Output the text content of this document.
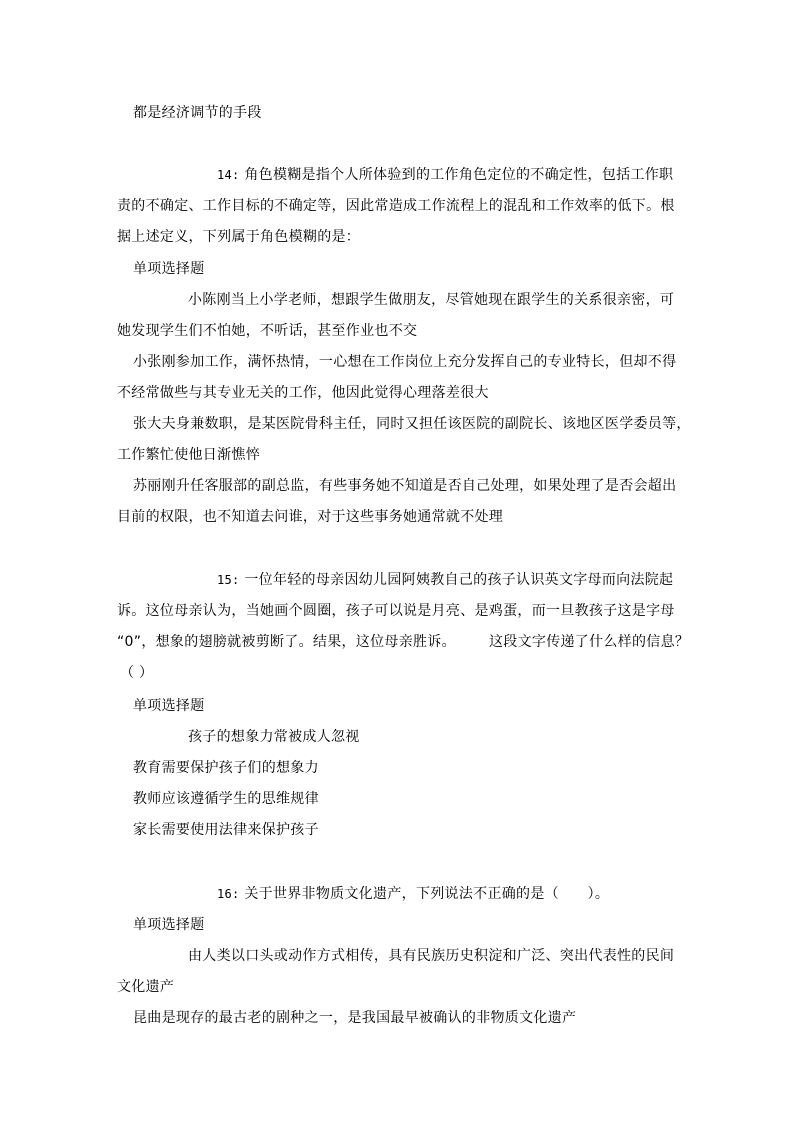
都是经济调节的手段
14: 角色模糊是指个人所体验到的工作角色定位的不确定性，包括工作职
责的不确定、工作目标的不确定等，因此常造成工作流程上的混乱和工作效率的低下。根
据上述定义，下列属于角色模糊的是：
单项选择题
小陈刚当上小学老师，想跟学生做朋友，尽管她现在跟学生的关系很亲密，可
她发现学生们不怕她，不听话，甚至作业也不交
小张刚参加工作，满怀热情，一心想在工作岗位上充分发挥自己的专业特长，但却不得
不经常做些与其专业无关的工作，他因此觉得心理落差很大
张大夫身兼数职，是某医院骨科主任，同时又担任该医院的副院长、该地区医学委员等，
工作繁忙使他日渐憔悴
苏丽刚升任客服部的副总监，有些事务她不知道是否自己处理，如果处理了是否会超出
目前的权限，也不知道去问谁，对于这些事务她通常就不处理
15: 一位年轻的母亲因幼儿园阿姨教自己的孩子认识英文字母而向法院起
诉。这位母亲认为，当她画个圆圈，孩子可以说是月亮、是鸡蛋，而一旦教孩子这是字母
“0”，想象的翅膀就被剪断了。结果，这位母亲胜诉。 这段文字传递了什么样的信息？
（ ）
单项选择题
孩子的想象力常被成人忽视
教育需要保护孩子们的想象力
教师应该遵循学生的思维规律
家长需要使用法律来保护孩子
16: 关于世界非物质文化遗产，下列说法不正确的是（　　）。
单项选择题
由人类以口头或动作方式相传，具有民族历史积淀和广泛、突出代表性的民间
文化遗产
昆曲是现存的最古老的剧种之一，是我国最早被确认的非物质文化遗产
